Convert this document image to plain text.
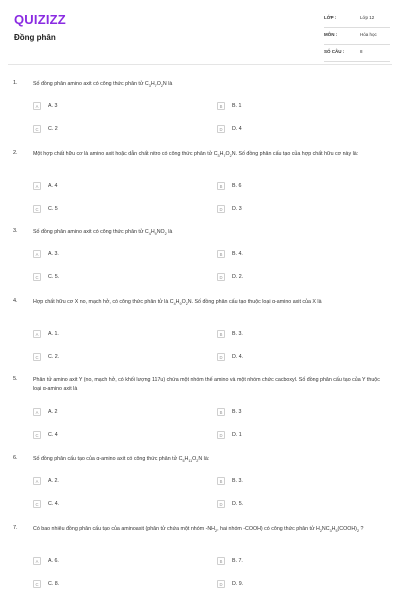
QUIZIZZ
Đồng phân
LỚP :	Lớp 12
MÔN :	Hóa học
SỐ CÂU :	8
1.	Số đồng phân amino axit có công thức phân tử $C_3H_7O_2N$ là
A	A. 3	B	B. 1
C	C. 2	D	D. 4
2.	Một hợp chất hữu cơ là amino axit hoặc dẫn chất nitro có công thức phân tử $C_3H_7O_2N$. Số đồng phân cấu tạo của hợp chất hữu cơ này là:
A	A. 4	B	B. 6
C	C. 5	D	D. 3
3.	Số đồng phân amino axit có công thức phân tử $C_4H_9NO_2$ là
A	A. 3.	B	B. 4.
C	C. 5.	D	D. 2.
4.	Hợp chất hữu cơ X no, mạch hở, có công thức phân tử là $C_4H_9O_2N$. Số đồng phân cấu tạo thuộc loại α-amino axit của X là
A	A. 1.	B	B. 3.
C	C. 2.	D	D. 4.
5.	Phân tử amino axit Y (no, mạch hở, có khối lượng 117u) chứa một nhóm thế amino và một nhóm chức cacboxyl. Số đồng phân cấu tạo của Y thuộc loại α-amino axit là
A	A. 2	B	B. 3
C	C. 4	D	D. 1
6.	Số đồng phân cấu tạo của α-amino axit có công thức phân tử $C_5H_{11}O_2N$ là:
A	A. 2.	B	B. 3.
C	C. 4.	D	D. 5.
7.	Có bao nhiêu đồng phân cấu tạo của aminoaxit (phân tử chứa một nhóm $-NH_2$, hai nhóm -COOH) có công thức phân tử $H_2NC_3H_5(COOH)_2$ ?
A	A. 6.	B	B. 7.
C	C. 8.	D	D. 9.
